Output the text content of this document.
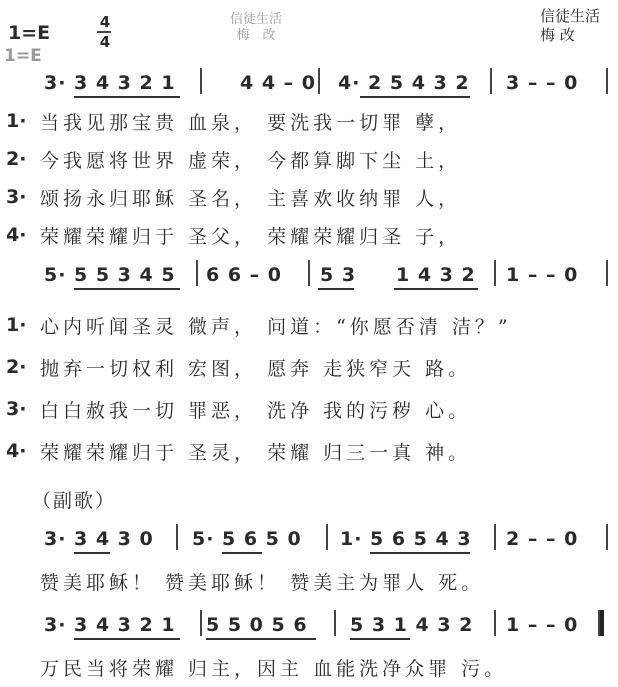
1=E
1=E
4
4
信徒生活
梅　改
信徒生活
梅 改
3· 3 4 3 2 1	4 4 – 0 4· 2 5 4 3 2 3 – – 0
1· 当我见那宝贵 血泉， 要洗我一切罪 孽，
2· 今我愿将世界 虚荣， 今都算脚下尘 土，
3· 颂扬永归耶稣 圣名， 主喜欢收纳罪 人，
4· 荣耀荣耀归于 圣父， 荣耀荣耀归圣 子，
5· 5 5 3 4 5 6 6 – 0 5 3 1 4 3 2 1 – – 0
1· 心内听闻圣灵 微声， 问道：“你愿否清 洁？”
2· 抛弃一切权利 宏图， 愿奔 走狭窄天 路。
3· 白白赦我一切 罪恶， 洗净 我的污秽 心。
4· 荣耀荣耀归于 圣灵， 荣耀 归三一真 神。
（副歌）
3· 3 4 3 0 5· 5 6 5 0 1· 5 6 5 4 3 2 – – 0
赞美耶稣！ 赞美耶稣！ 赞美主为罪人 死。
3· 3 4 3 2 1 5 5 0 5 6 5 3 1 4 3 2 1 – – 0
万民当将荣耀 归主，因主 血能洗净众罪 污。
